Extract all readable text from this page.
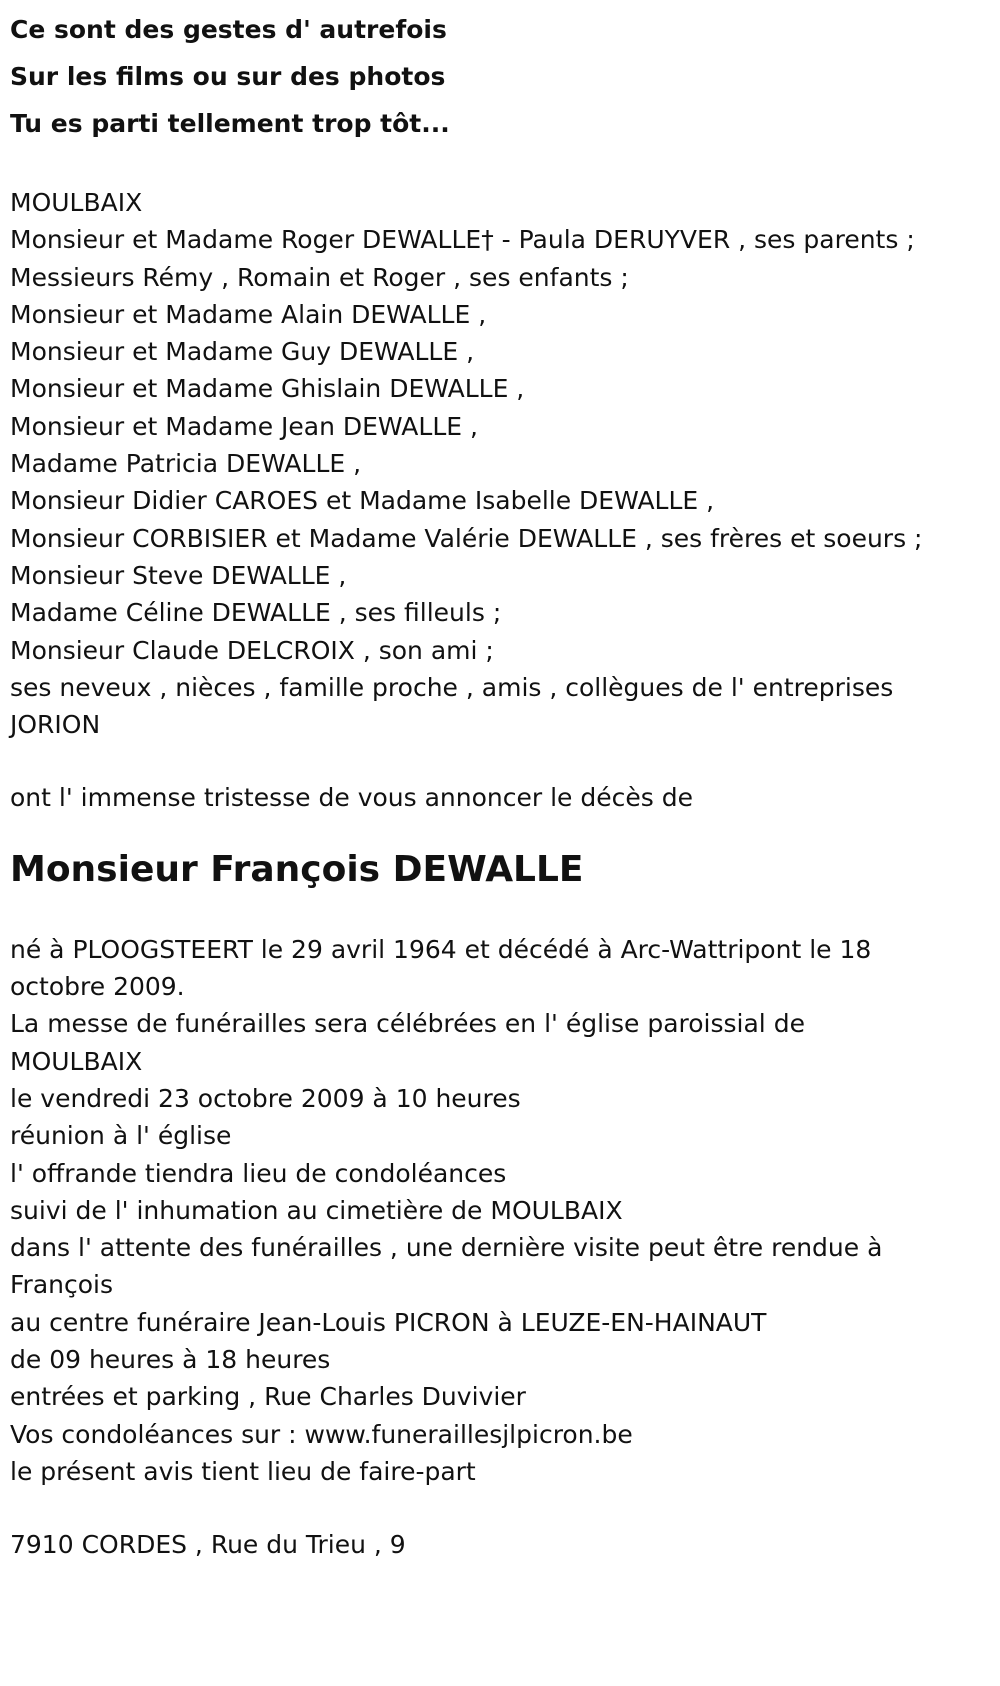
Ce sont des gestes d' autrefois
Sur les films ou sur des photos
Tu es parti tellement trop tôt...
MOULBAIX
Monsieur et Madame Roger DEWALLE† - Paula DERUYVER , ses parents ;
Messieurs Rémy , Romain et Roger , ses enfants ;
Monsieur et Madame Alain DEWALLE ,
Monsieur et Madame Guy DEWALLE ,
Monsieur et Madame Ghislain DEWALLE ,
Monsieur et Madame Jean DEWALLE ,
Madame Patricia DEWALLE ,
Monsieur Didier CAROES et Madame Isabelle DEWALLE ,
Monsieur CORBISIER et Madame Valérie DEWALLE , ses frères et soeurs ;
Monsieur Steve DEWALLE ,
Madame Céline DEWALLE , ses filleuls ;
Monsieur Claude DELCROIX , son ami ;
ses neveux , nièces , famille proche , amis , collègues de l' entreprises JORION
ont l' immense tristesse de vous annoncer le décès de
Monsieur François DEWALLE
né à PLOOGSTEERT le 29 avril 1964 et décédé à Arc-Wattripont le 18 octobre 2009.
La messe de funérailles sera célébrées en l' église paroissial de MOULBAIX
le vendredi 23 octobre 2009 à 10 heures
réunion à l' église
l' offrande tiendra lieu de condoléances
suivi de l' inhumation au cimetière de MOULBAIX
dans l' attente des funérailles , une dernière visite peut être rendue à François
au centre funéraire Jean-Louis PICRON à LEUZE-EN-HAINAUT
de 09 heures à 18 heures
entrées et parking , Rue Charles Duvivier
Vos condoléances sur : www.funeraillesjlpicron.be
le présent avis tient lieu de faire-part
7910 CORDES , Rue du Trieu , 9
